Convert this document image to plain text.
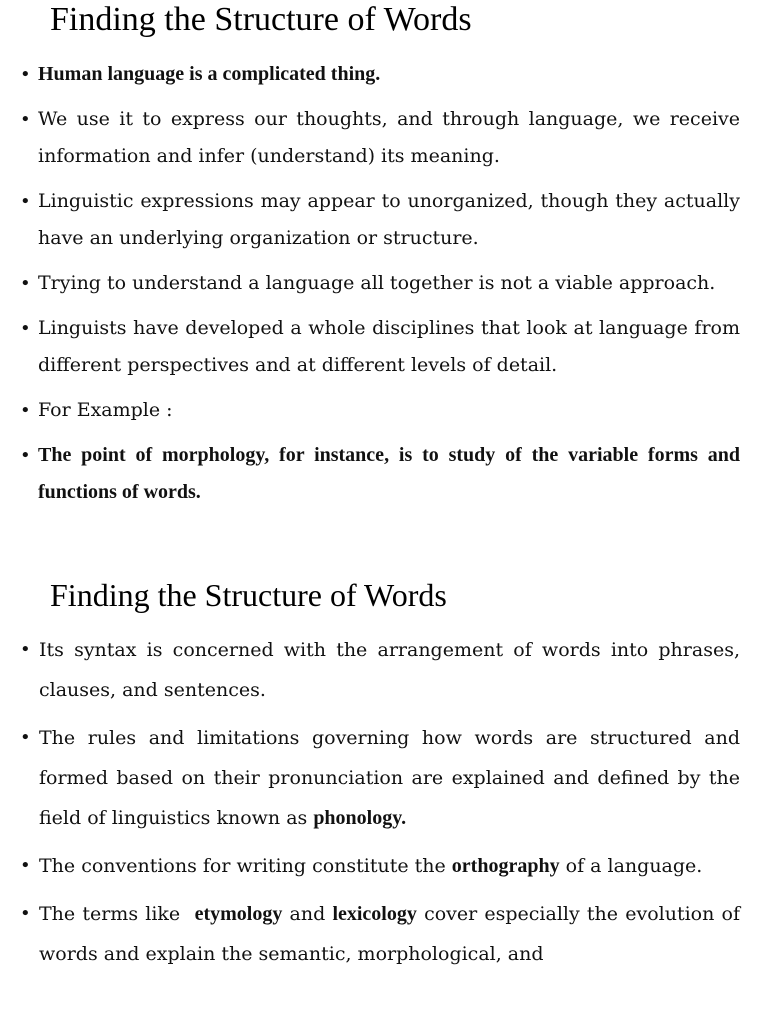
Finding the Structure of Words
• Human language is a complicated thing.
• We use it to express our thoughts, and through language, we receive information and infer (understand) its meaning.
• Linguistic expressions may appear to unorganized, though they actually have an underlying organization or structure.
• Trying to understand a language all together is not a viable approach.
• Linguists have developed a whole disciplines that look at language from different perspectives and at different levels of detail.
• For Example :
• The point of morphology, for instance, is to study of the variable forms and functions of words.
Finding the Structure of Words
• Its syntax is concerned with the arrangement of words into phrases, clauses, and sentences.
• The rules and limitations governing how words are structured and formed based on their pronunciation are explained and defined by the field of linguistics known as phonology.
• The conventions for writing constitute the orthography of a language.
• The terms like  etymology and lexicology cover especially the evolution of words and explain the semantic, morphological, and
